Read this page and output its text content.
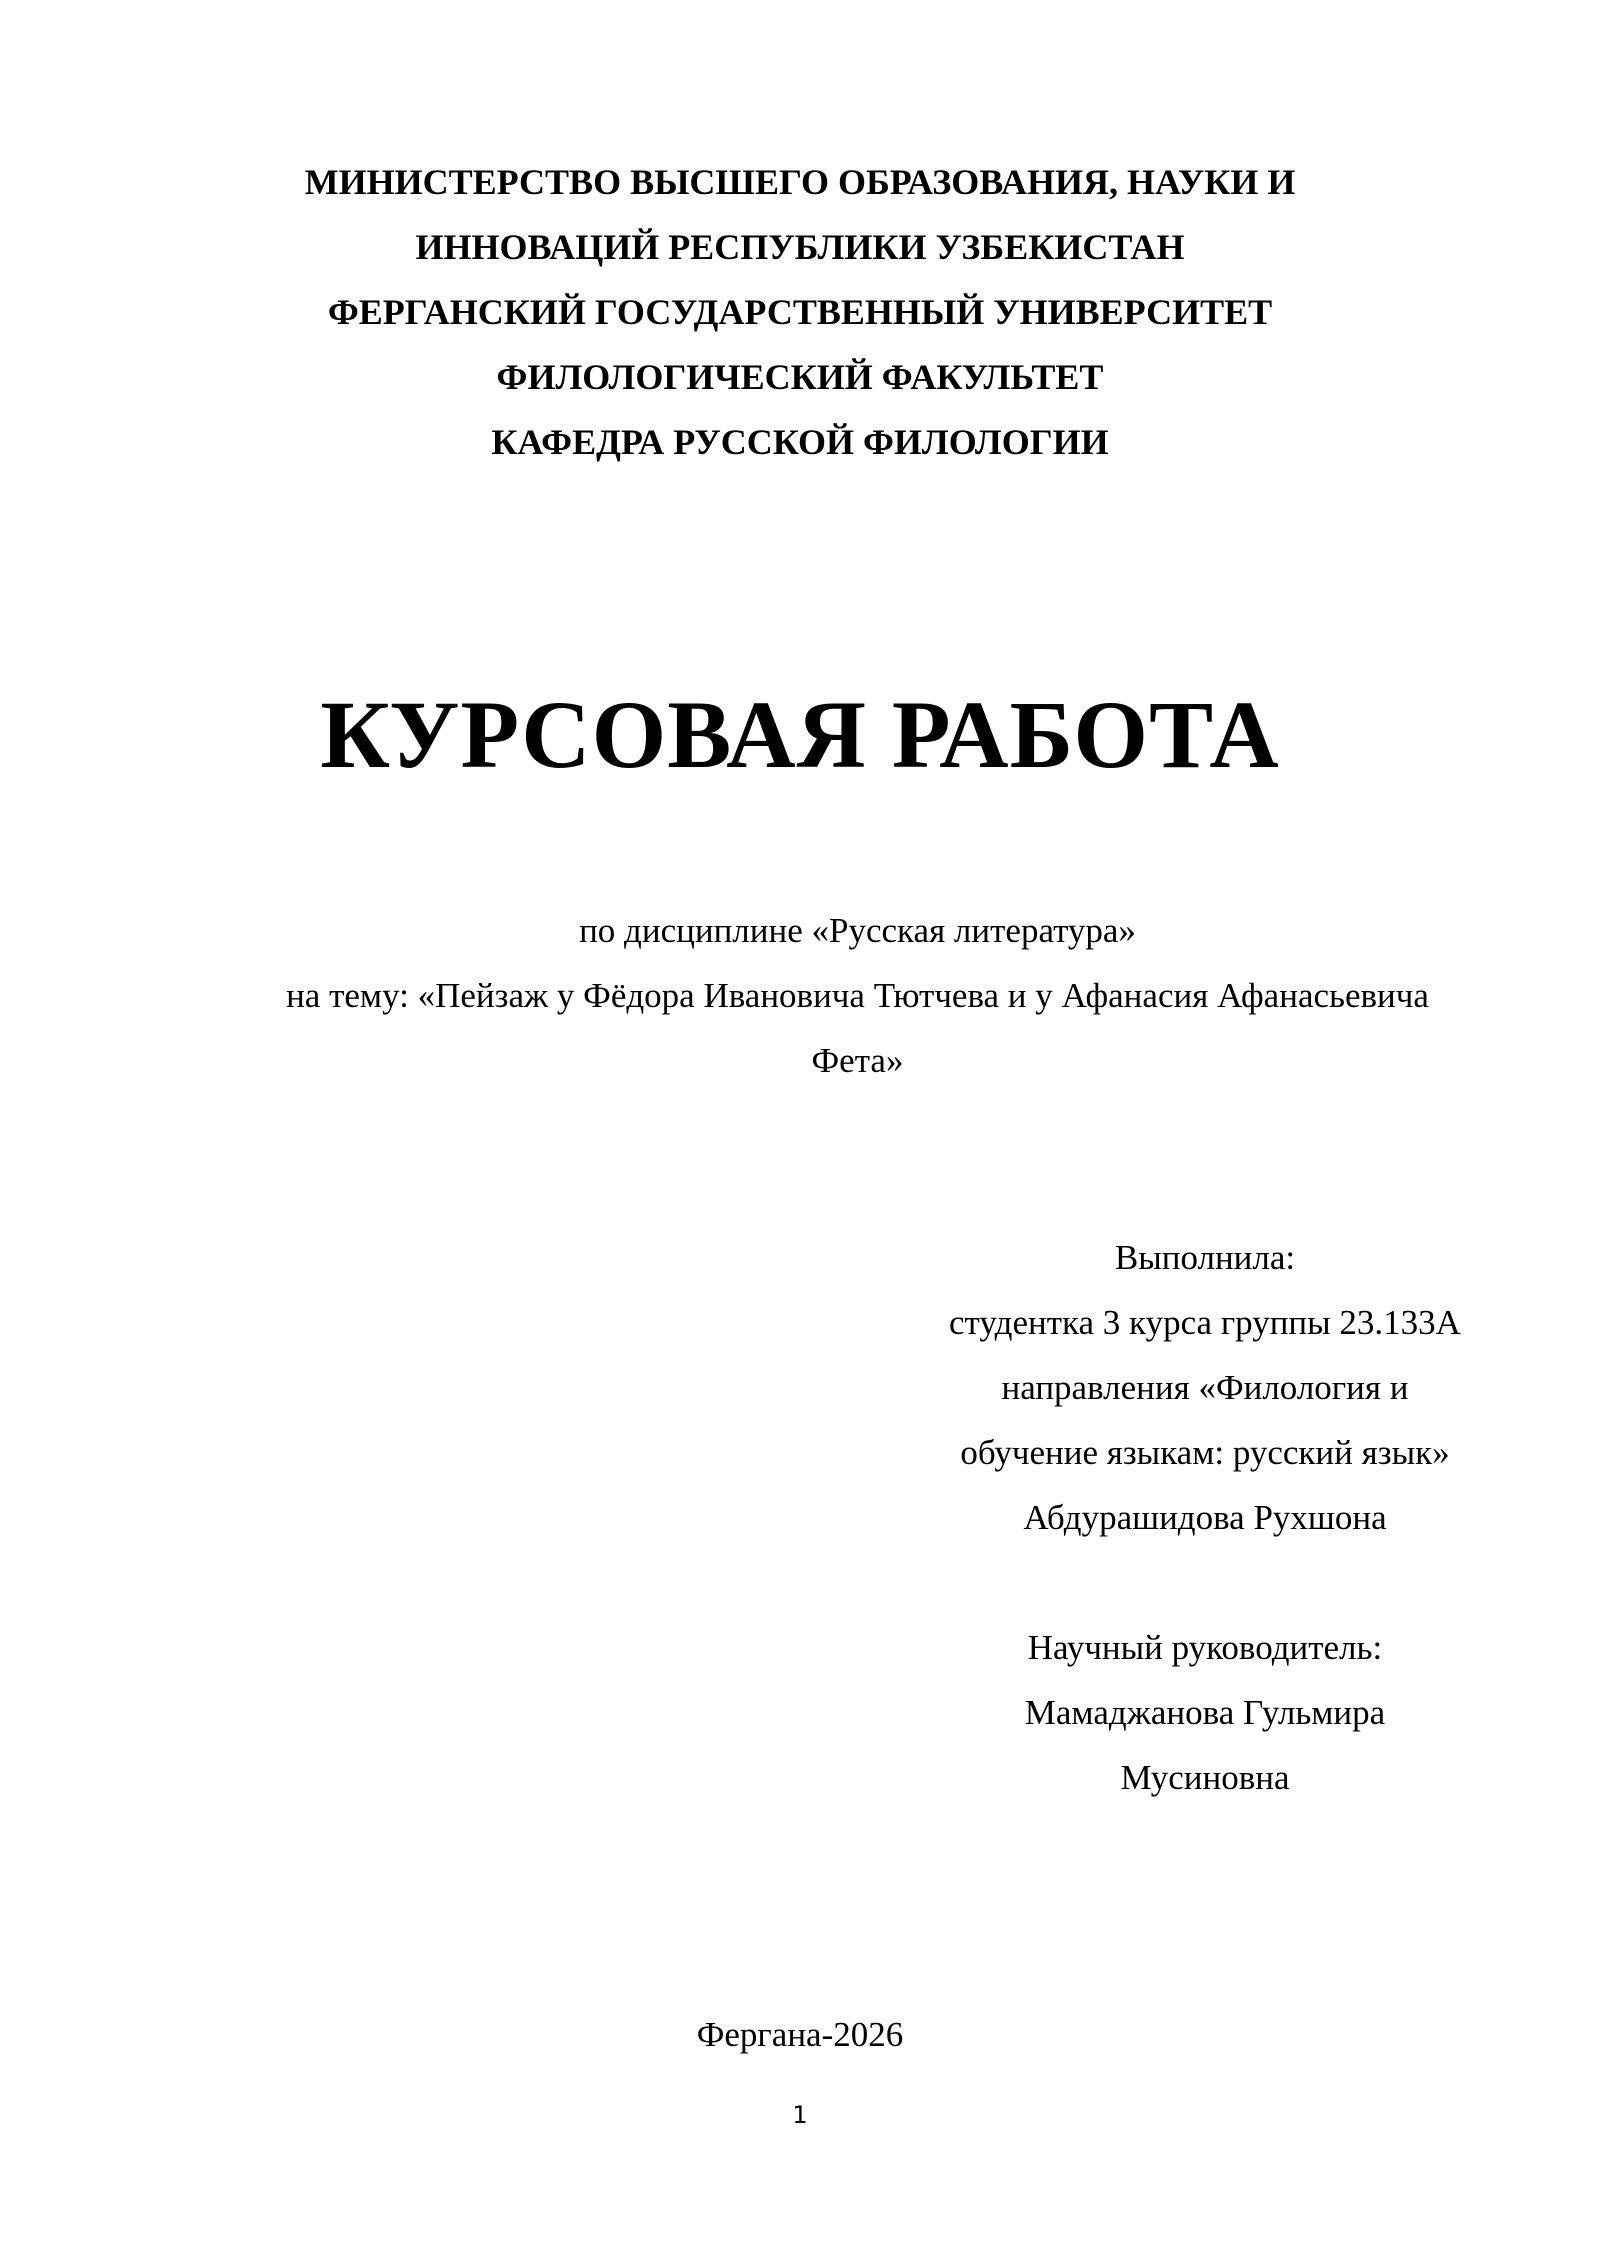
МИНИСТЕРСТВО ВЫСШЕГО ОБРАЗОВАНИЯ, НАУКИ И
ИННОВАЦИЙ РЕСПУБЛИКИ УЗБЕКИСТАН
ФЕРГАНСКИЙ ГОСУДАРСТВЕННЫЙ УНИВЕРСИТЕТ
ФИЛОЛОГИЧЕСКИЙ ФАКУЛЬТЕТ
КАФЕДРА РУССКОЙ ФИЛОЛОГИИ
КУРСОВАЯ РАБОТА
по дисциплине «Русская литература»
на тему: «Пейзаж у Фёдора Ивановича Тютчева и у Афанасия Афанасьевича
Фета»
Выполнила:
студентка 3 курса группы 23.133А
направления «Филология и
обучение языкам: русский язык»
Абдурашидова Рухшона
Научный руководитель:
Мамаджанова Гульмира
Мусиновна
Фергана-2026
1
